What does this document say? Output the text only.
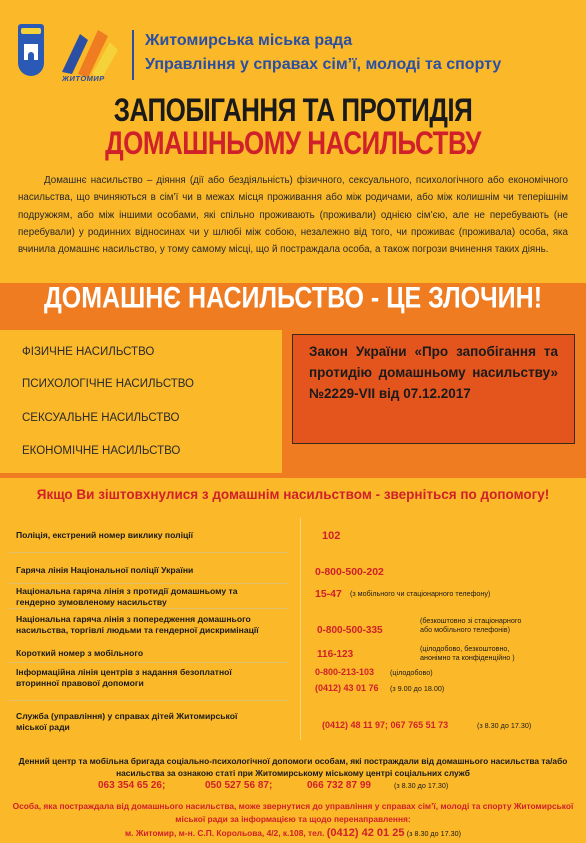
ЖИТОМИР
Житомирська міська рада
Управління у справах сім’ї, молоді та спорту
ЗАПОБІГАННЯ ТА ПРОТИДІЯ
ДОМАШНЬОМУ НАСИЛЬСТВУ
Домашнє насильство – діяння (дії або бездіяльність) фізичного, сексуального, психологічного або економічного насильства, що вчиняються в сім’ї чи в межах місця проживання або між родичами, або між колишнім чи теперішнім подружжям, або між іншими особами, які спільно проживають (проживали) однією сім’єю, але не перебувають (не перебували) у родинних відносинах чи у шлюбі між собою, незалежно від того, чи проживає (проживала) особа, яка вчинила домашнє насильство, у тому самому місці, що й постраждала особа, а також погрози вчинення таких діянь.
ДОМАШНЄ НАСИЛЬСТВО - ЦЕ ЗЛОЧИН!
ФІЗИЧНЕ НАСИЛЬСТВО
ПСИХОЛОГІЧНЕ НАСИЛЬСТВО
СЕКСУАЛЬНЕ НАСИЛЬСТВО
ЕКОНОМІЧНЕ НАСИЛЬСТВО
Закон України «Про запобігання та протидію домашньому насильству» №2229-VII від 07.12.2017
Якщо Ви зіштовхнулися з домашнім насильством - зверніться по допомогу!
Поліція, екстрений номер виклику поліції	102
Гаряча лінія Національної поліції України	0-800-500-202
Національна гаряча лінія з протидії домашньому та гендерно зумовленому насильству
15-47 (з мобільного чи стаціонарного телефону)
Національна гаряча лінія з попередження домашнього насильства, торгівлі людьми та гендерної дискримінації	0-800-500-335
(безкоштовно зі стаціонарного
або мобільного телефонів)
Короткий номер з мобільного	116-123
(цілодобово, безкоштовно,
анонімно та конфіденційно )
Інформаційна лінія центрів з надання безоплатної вторинної правової допомоги
0-800-213-103 (цілодобово)
(0412) 43 01 76 (з 9.00 до 18.00)
Служба (управління) у справах дітей Житомирської міської ради	(0412) 48 11 97; 067 765 51 73	(з 8.30 до 17.30)
Денний центр та мобільна бригада соціально-психологічної допомоги особам, які постраждали від домашнього насильства та/або насильства за ознакою статі при Житомирському міському центрі соціальних служб
063 354 65 26;	050 527 56 87;	066 732 87 99	(з 8.30 до 17.30)
Особа, яка постраждала від домашнього насильства, може звернутися до управління у справах сім’ї, молоді та спорту Житомирської міської ради за інформацією та щодо перенаправлення:
м. Житомир, м-н. С.П. Корольова, 4/2, к.108, тел. (0412) 42 01 25 (з 8.30 до 17.30)
